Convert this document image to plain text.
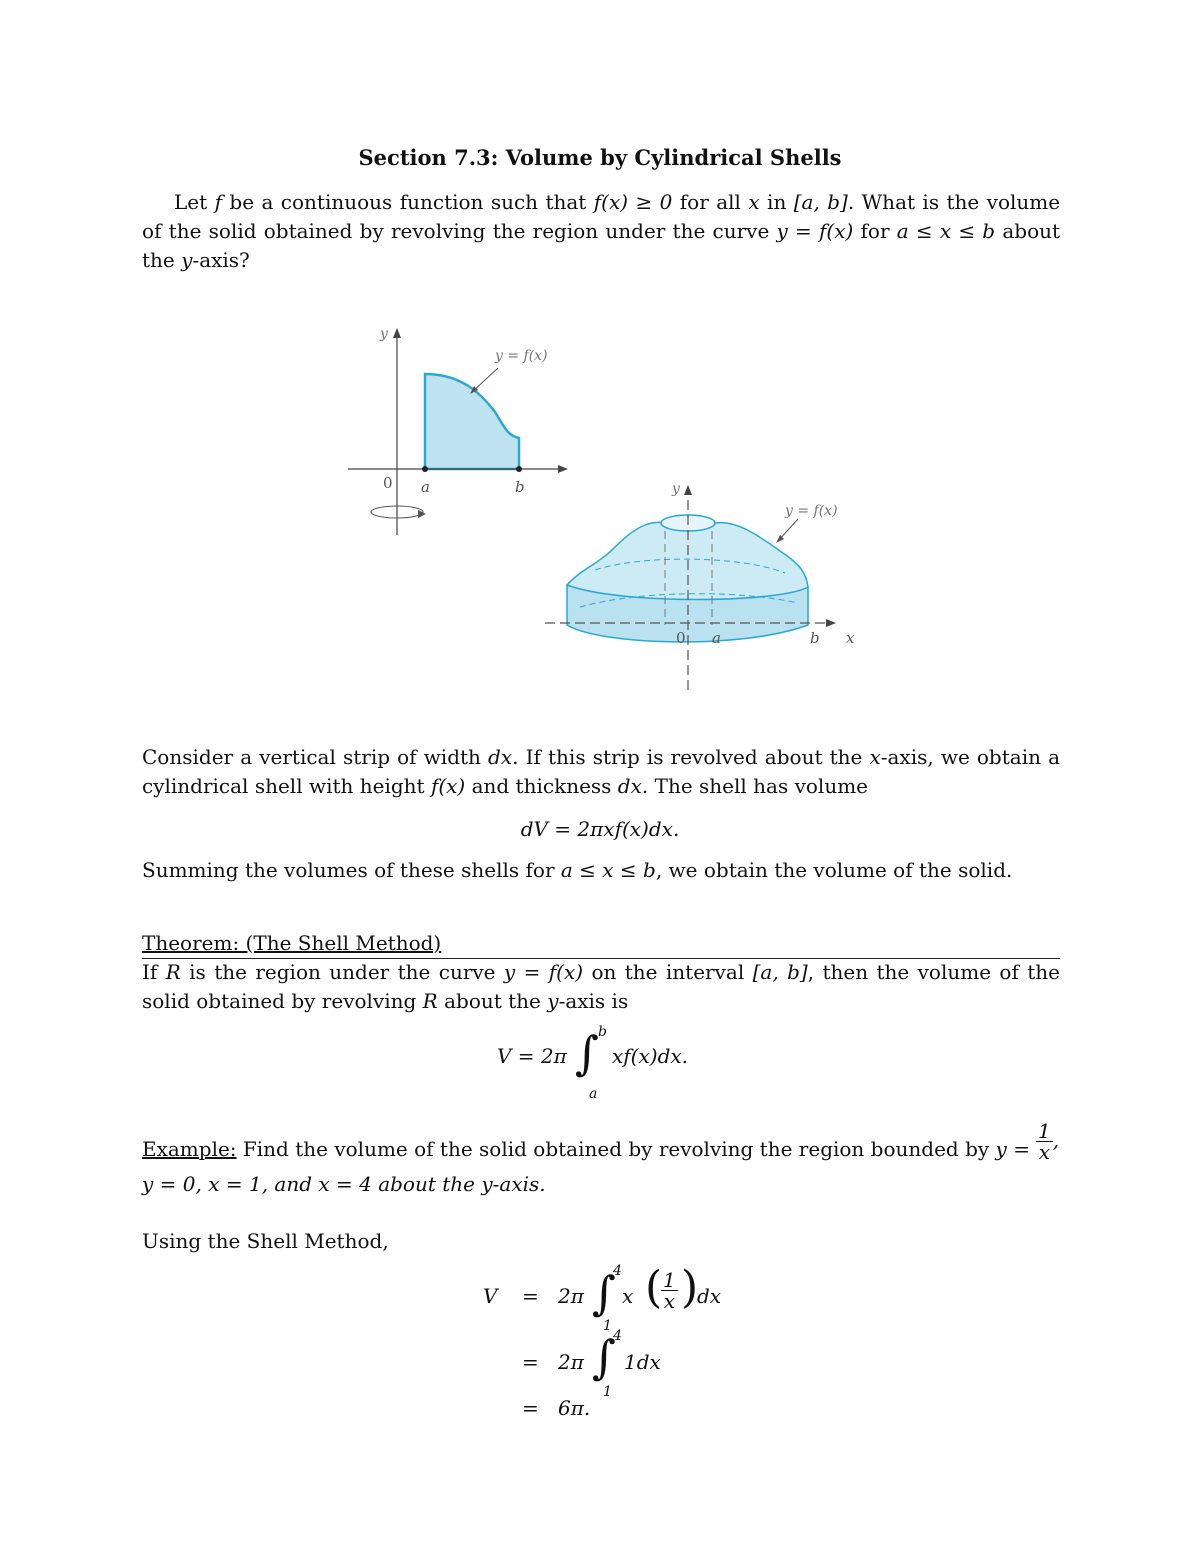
Section 7.3: Volume by Cylindrical Shells
Let f be a continuous function such that f(x) ≥ 0 for all x in [a, b]. What is the volume of the solid obtained by revolving the region under the curve y = f(x) for a ≤ x ≤ b about the y-axis?
y
y = f(x)
0 a	b	y
y = f(x)
0 a	b x
Consider a vertical strip of width dx. If this strip is revolved about the x-axis, we obtain a cylindrical shell with height f(x) and thickness dx. The shell has volume
dV = 2πxf(x)dx.
Summing the volumes of these shells for a ≤ x ≤ b, we obtain the volume of the solid.
Theorem: (The Shell Method)
If R is the region under the curve y = f(x) on the interval [a, b], then the volume of the solid obtained by revolving R about the y-axis is
V = 2π ∫ b
a
xf(x)dx.
Example: Find the volume of the solid obtained by revolving the region bounded by $y = \frac{1}{x}$ ,
y = 0, x = 1, and x = 4 about the y-axis.
Using the Shell Method,
V = 2π ∫
4
1
x (
$\frac{1}{x}$ )
dx
= 2π ∫
4
1
1dx
= 6π.
